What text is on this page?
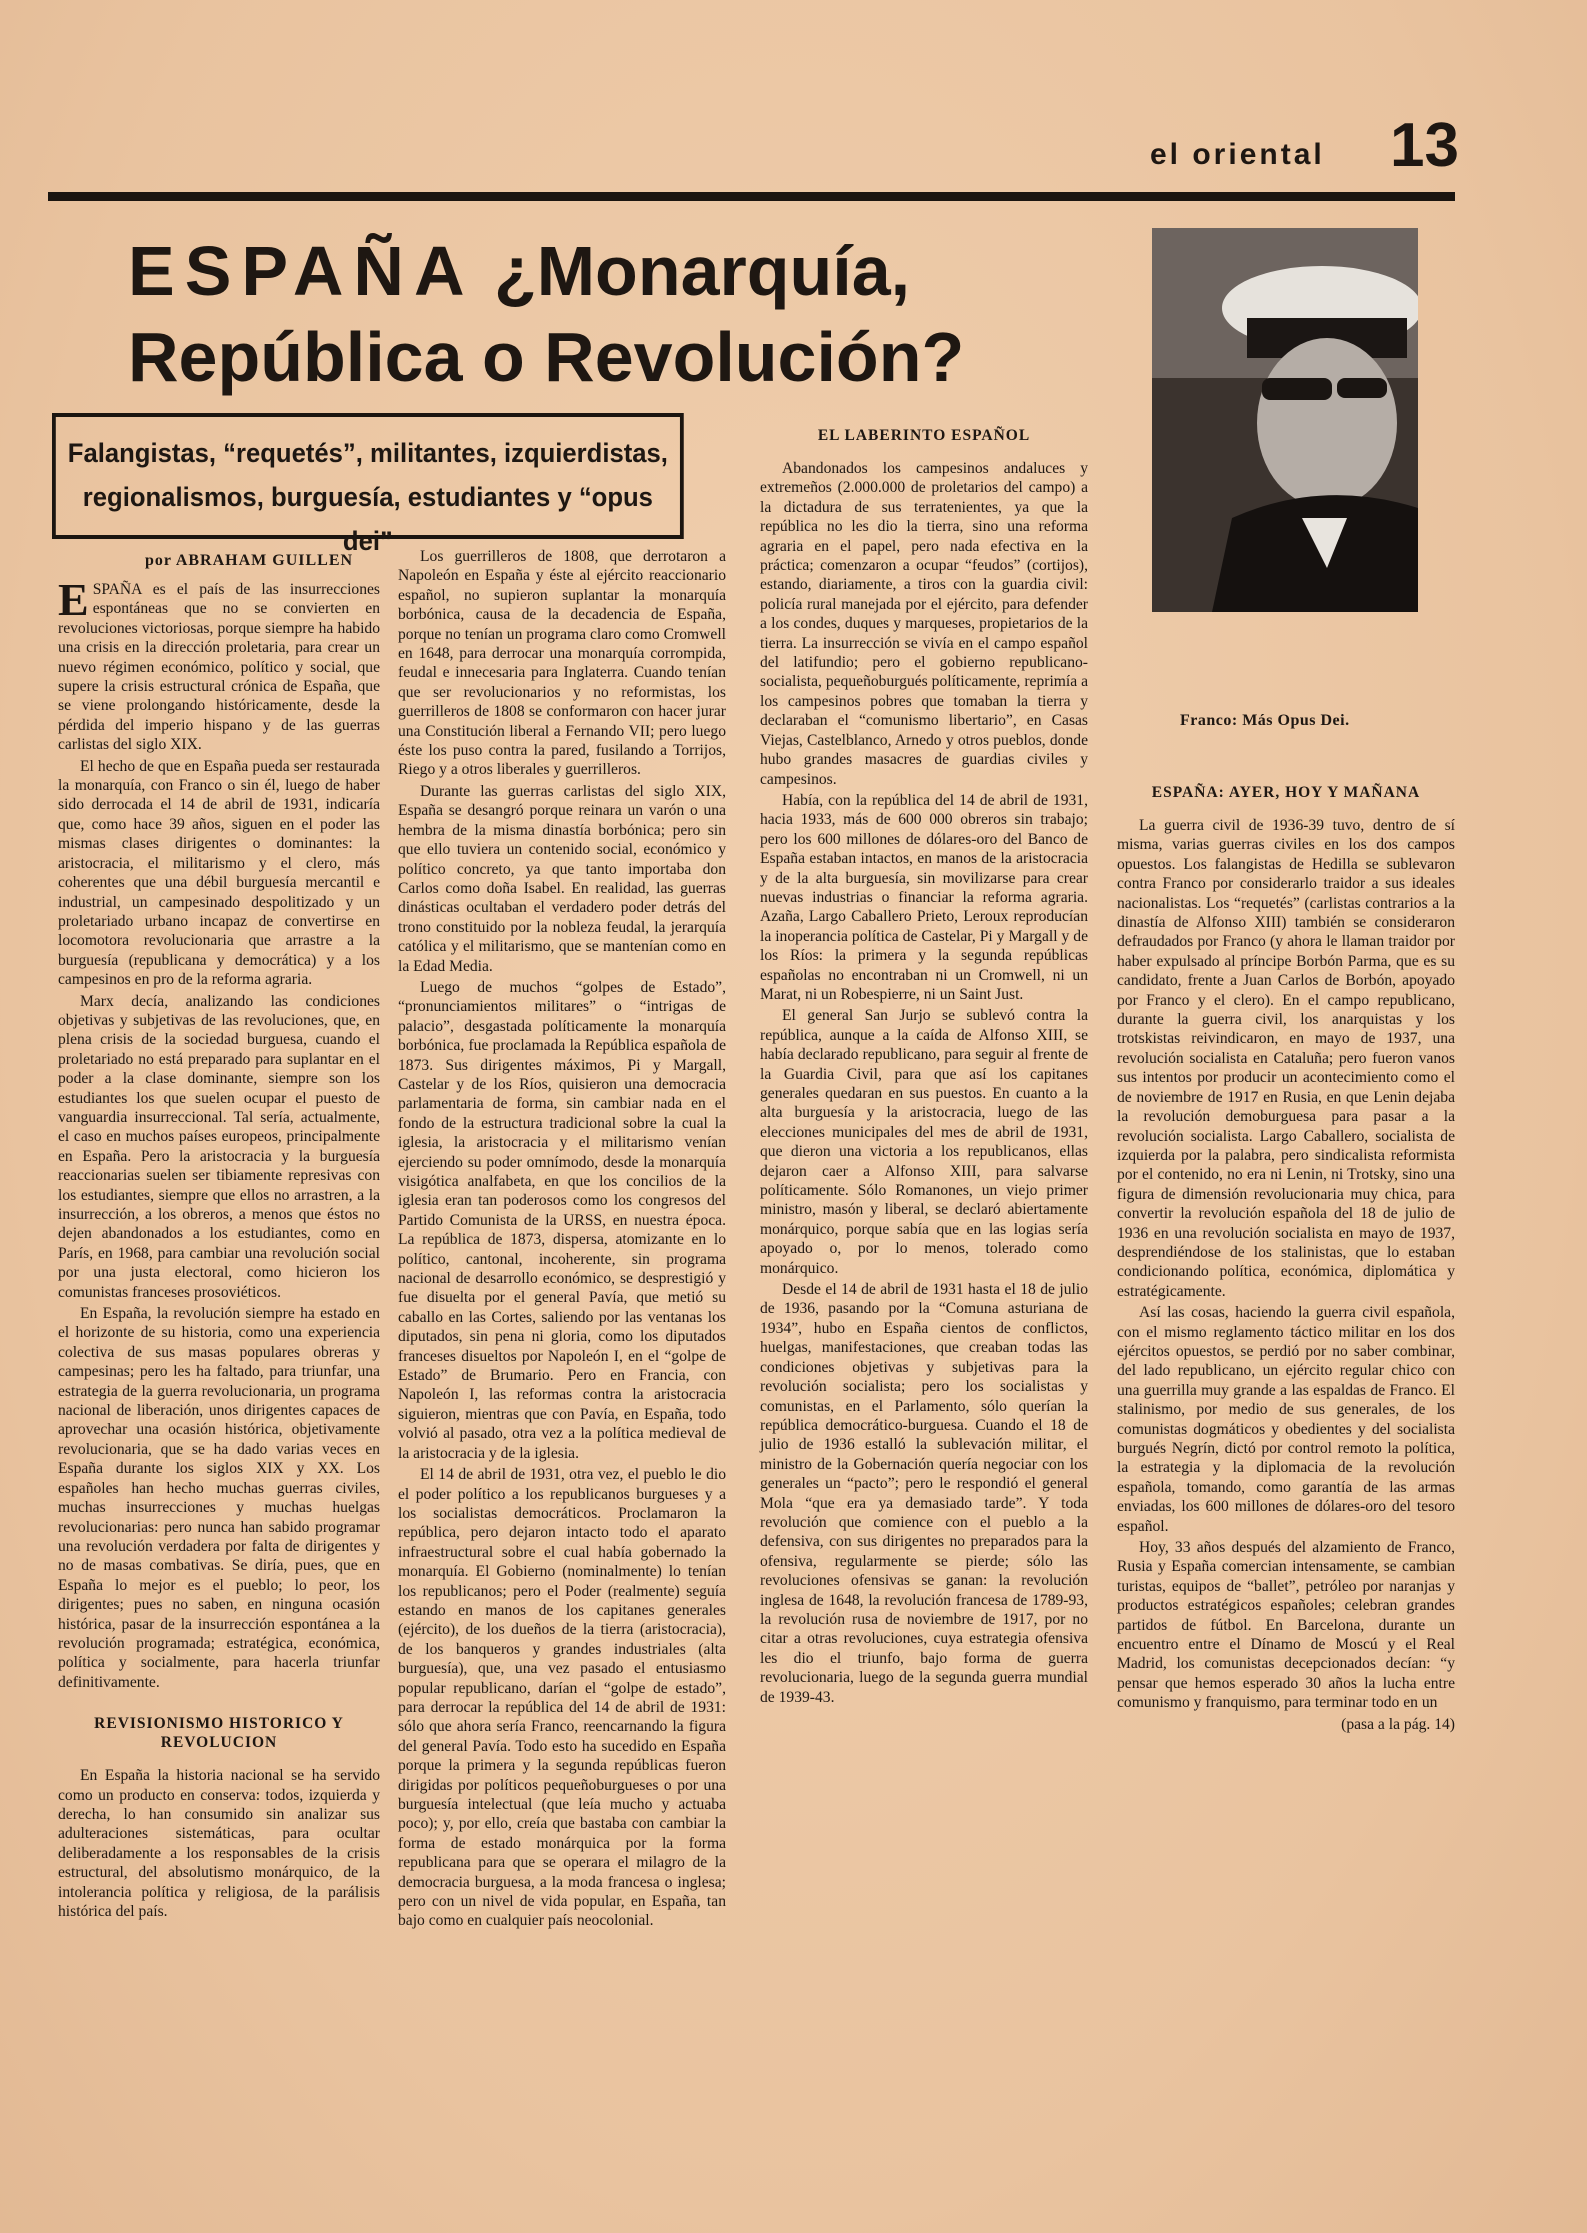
el oriental 13
ESPAÑA ¿Monarquía,
República o Revolución?
Falangistas, “requetés”, militantes, izquierdistas,
regionalismos, burguesía, estudiantes y “opus dei”
por ABRAHAM GUILLEN
Franco: Más Opus Dei.

ESPAÑA es el país de las insurrecciones espontáneas que no se convierten en revoluciones victoriosas, porque siempre ha habido una crisis en la dirección proletaria, para crear un nuevo régimen económico, político y social, que supere la crisis estructural crónica de España, que se viene prolongando históricamente, desde la pérdida del imperio hispano y de las guerras carlistas del siglo XIX.

El hecho de que en España pueda ser restaurada la monarquía, con Franco o sin él, luego de haber sido derrocada el 14 de abril de 1931, indicaría que, como hace 39 años, siguen en el poder las mismas clases dirigentes o dominantes: la aristocracia, el militarismo y el clero, más coherentes que una débil burguesía mercantil e industrial, un campesinado despolitizado y un proletariado urbano incapaz de convertirse en locomotora revolucionaria que arrastre a la burguesía (republicana y democrática) y a los campesinos en pro de la reforma agraria.

Marx decía, analizando las condiciones objetivas y subjetivas de las revoluciones, que, en plena crisis de la sociedad burguesa, cuando el proletariado no está preparado para suplantar en el poder a la clase dominante, siempre son los estudiantes los que suelen ocupar el puesto de vanguardia insurreccional. Tal sería, actualmente, el caso en muchos países europeos, principalmente en España. Pero la aristocracia y la burguesía reaccionarias suelen ser tibiamente represivas con los estudiantes, siempre que ellos no arrastren, a la insurrección, a los obreros, a menos que éstos no dejen abandonados a los estudiantes, como en París, en 1968, para cambiar una revolución social por una justa electoral, como hicieron los comunistas franceses prosoviéticos.

En España, la revolución siempre ha estado en el horizonte de su historia, como una experiencia colectiva de sus masas populares obreras y campesinas; pero les ha faltado, para triunfar, una estrategia de la guerra revolucionaria, un programa nacional de liberación, unos dirigentes capaces de aprovechar una ocasión histórica, objetivamente revolucionaria, que se ha dado varias veces en España durante los siglos XIX y XX. Los españoles han hecho muchas guerras civiles, muchas insurrecciones y muchas huelgas revolucionarias: pero nunca han sabido programar una revolución verdadera por falta de dirigentes y no de masas combativas. Se diría, pues, que en España lo mejor es el pueblo; lo peor, los dirigentes; pues no saben, en ninguna ocasión histórica, pasar de la insurrección espontánea a la revolución programada; estratégica, económica, política y socialmente, para hacerla triunfar definitivamente.

REVISIONISMO HISTORICO Y REVOLUCION

En España la historia nacional se ha servido como un producto en conserva: todos, izquierda y derecha, lo han consumido sin analizar sus adulteraciones sistemáticas, para ocultar deliberadamente a los responsables de la crisis estructural, del absolutismo monárquico, de la intolerancia política y religiosa, de la parálisis histórica del país.

Los guerrilleros de 1808, que derrotaron a Napoleón en España y éste al ejército reaccionario español, no supieron suplantar la monarquía borbónica, causa de la decadencia de España, porque no tenían un programa claro como Cromwell en 1648, para derrocar una monarquía corrompida, feudal e innecesaria para Inglaterra. Cuando tenían que ser revolucionarios y no reformistas, los guerrilleros de 1808 se conformaron con hacer jurar una Constitución liberal a Fernando VII; pero luego éste los puso contra la pared, fusilando a Torrijos, Riego y a otros liberales y guerrilleros.

Durante las guerras carlistas del siglo XIX, España se desangró porque reinara un varón o una hembra de la misma dinastía borbónica; pero sin que ello tuviera un contenido social, económico y político concreto, ya que tanto importaba don Carlos como doña Isabel. En realidad, las guerras dinásticas ocultaban el verdadero poder detrás del trono constituido por la nobleza feudal, la jerarquía católica y el militarismo, que se mantenían como en la Edad Media.

Luego de muchos “golpes de Estado”, “pronunciamientos militares” o “intrigas de palacio”, desgastada políticamente la monarquía borbónica, fue proclamada la República española de 1873. Sus dirigentes máximos, Pi y Margall, Castelar y de los Ríos, quisieron una democracia parlamentaria de forma, sin cambiar nada en el fondo de la estructura tradicional sobre la cual la iglesia, la aristocracia y el militarismo venían ejerciendo su poder omnímodo, desde la monarquía visigótica analfabeta, en que los concilios de la iglesia eran tan poderosos como los congresos del Partido Comunista de la URSS, en nuestra época. La república de 1873, dispersa, atomizante en lo político, cantonal, incoherente, sin programa nacional de desarrollo económico, se desprestigió y fue disuelta por el general Pavía, que metió su caballo en las Cortes, saliendo por las ventanas los diputados, sin pena ni gloria, como los diputados franceses disueltos por Napoleón I, en el “golpe de Estado” de Brumario. Pero en Francia, con Napoleón I, las reformas contra la aristocracia siguieron, mientras que con Pavía, en España, todo volvió al pasado, otra vez a la política medieval de la aristocracia y de la iglesia.

El 14 de abril de 1931, otra vez, el pueblo le dio el poder político a los republicanos burgueses y a los socialistas democráticos. Proclamaron la república, pero dejaron intacto todo el aparato infraestructural sobre el cual había gobernado la monarquía. El Gobierno (nominalmente) lo tenían los republicanos; pero el Poder (realmente) seguía estando en manos de los capitanes generales (ejército), de los dueños de la tierra (aristocracia), de los banqueros y grandes industriales (alta burguesía), que, una vez pasado el entusiasmo popular republicano, darían el “golpe de estado”, para derrocar la república del 14 de abril de 1931: sólo que ahora sería Franco, reencarnando la figura del general Pavía. Todo esto ha sucedido en España porque la primera y la segunda repúblicas fueron dirigidas por políticos pequeñoburgueses o por una burguesía intelectual (que leía mucho y actuaba poco); y, por ello, creía que bastaba con cambiar la forma de estado monárquica por la forma republicana para que se operara el milagro de la democracia burguesa, a la moda francesa o inglesa; pero con un nivel de vida popular, en España, tan bajo como en cualquier país neocolonial.

EL LABERINTO ESPAÑOL

Abandonados los campesinos andaluces y extremeños (2.000.000 de proletarios del campo) a la dictadura de sus terratenientes, ya que la república no les dio la tierra, sino una reforma agraria en el papel, pero nada efectiva en la práctica; comenzaron a ocupar “feudos” (cortijos), estando, diariamente, a tiros con la guardia civil: policía rural manejada por el ejército, para defender a los condes, duques y marqueses, propietarios de la tierra. La insurrección se vivía en el campo español del latifundio; pero el gobierno republicano-socialista, pequeñoburgués políticamente, reprimía a los campesinos pobres que tomaban la tierra y declaraban el “comunismo libertario”, en Casas Viejas, Castelblanco, Arnedo y otros pueblos, donde hubo grandes masacres de guardias civiles y campesinos.

Había, con la república del 14 de abril de 1931, hacia 1933, más de 600 000 obreros sin trabajo; pero los 600 millones de dólares-oro del Banco de España estaban intactos, en manos de la aristocracia y de la alta burguesía, sin movilizarse para crear nuevas industrias o financiar la reforma agraria. Azaña, Largo Caballero Prieto, Leroux reproducían la inoperancia política de Castelar, Pi y Margall y de los Ríos: la primera y la segunda repúblicas españolas no encontraban ni un Cromwell, ni un Marat, ni un Robespierre, ni un Saint Just.

El general San Jurjo se sublevó contra la república, aunque a la caída de Alfonso XIII, se había declarado republicano, para seguir al frente de la Guardia Civil, para que así los capitanes generales quedaran en sus puestos. En cuanto a la alta burguesía y la aristocracia, luego de las elecciones municipales del mes de abril de 1931, que dieron una victoria a los republicanos, ellas dejaron caer a Alfonso XIII, para salvarse políticamente. Sólo Romanones, un viejo primer ministro, masón y liberal, se declaró abiertamente monárquico, porque sabía que en las logias sería apoyado o, por lo menos, tolerado como monárquico.

Desde el 14 de abril de 1931 hasta el 18 de julio de 1936, pasando por la “Comuna asturiana de 1934”, hubo en España cientos de conflictos, huelgas, manifestaciones, que creaban todas las condiciones objetivas y subjetivas para la revolución socialista; pero los socialistas y comunistas, en el Parlamento, sólo querían la república democrático-burguesa. Cuando el 18 de julio de 1936 estalló la sublevación militar, el ministro de la Gobernación quería negociar con los generales un “pacto”; pero le respondió el general Mola “que era ya demasiado tarde”. Y toda revolución que comience con el pueblo a la defensiva, con sus dirigentes no preparados para la ofensiva, regularmente se pierde; sólo las revoluciones ofensivas se ganan: la revolución inglesa de 1648, la revolución francesa de 1789-93, la revolución rusa de noviembre de 1917, por no citar a otras revoluciones, cuya estrategia ofensiva les dio el triunfo, bajo forma de guerra revolucionaria, luego de la segunda guerra mundial de 1939-43.

ESPAÑA: AYER, HOY Y MAÑANA

La guerra civil de 1936-39 tuvo, dentro de sí misma, varias guerras civiles en los dos campos opuestos. Los falangistas de Hedilla se sublevaron contra Franco por considerarlo traidor a sus ideales nacionalistas. Los “requetés” (carlistas contrarios a la dinastía de Alfonso XIII) también se consideraron defraudados por Franco (y ahora le llaman traidor por haber expulsado al príncipe Borbón Parma, que es su candidato, frente a Juan Carlos de Borbón, apoyado por Franco y el clero). En el campo republicano, durante la guerra civil, los anarquistas y los trotskistas reivindicaron, en mayo de 1937, una revolución socialista en Cataluña; pero fueron vanos sus intentos por producir un acontecimiento como el de noviembre de 1917 en Rusia, en que Lenin dejaba la revolución demoburguesa para pasar a la revolución socialista. Largo Caballero, socialista de izquierda por la palabra, pero sindicalista reformista por el contenido, no era ni Lenin, ni Trotsky, sino una figura de dimensión revolucionaria muy chica, para convertir la revolución española del 18 de julio de 1936 en una revolución socialista en mayo de 1937, desprendiéndose de los stalinistas, que lo estaban condicionando política, económica, diplomática y estratégicamente.

Así las cosas, haciendo la guerra civil española, con el mismo reglamento táctico militar en los dos ejércitos opuestos, se perdió por no saber combinar, del lado republicano, un ejército regular chico con una guerrilla muy grande a las espaldas de Franco. El stalinismo, por medio de sus generales, de los comunistas dogmáticos y obedientes y del socialista burgués Negrín, dictó por control remoto la política, la estrategia y la diplomacia de la revolución española, tomando, como garantía de las armas enviadas, los 600 millones de dólares-oro del tesoro español.

Hoy, 33 años después del alzamiento de Franco, Rusia y España comercian intensamente, se cambian turistas, equipos de “ballet”, petróleo por naranjas y productos estratégicos españoles; celebran grandes partidos de fútbol. En Barcelona, durante un encuentro entre el Dínamo de Moscú y el Real Madrid, los comunistas decepcionados decían: “y pensar que hemos esperado 30 años la lucha entre comunismo y franquismo, para terminar todo en un

(pasa a la pág. 14)
